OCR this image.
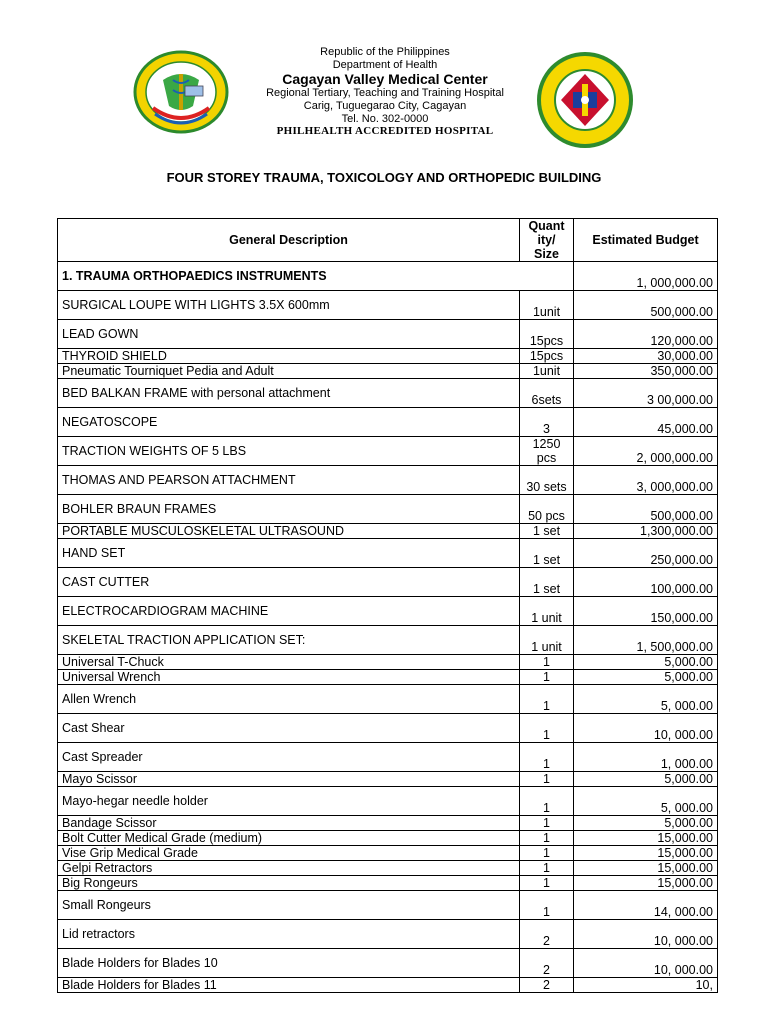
Republic of the Philippines
Department of Health
Cagayan Valley Medical Center
Regional Tertiary, Teaching and Training Hospital
Carig, Tuguegarao City, Cagayan
Tel. No. 302-0000
PHILHEALTH ACCREDITED HOSPITAL
FOUR STOREY TRAUMA, TOXICOLOGY AND ORTHOPEDIC BUILDING
General Description	Quant ity/ Size	Estimated Budget
1. TRAUMA ORTHOPAEDICS INSTRUMENTS		1, 000,000.00
SURGICAL LOUPE WITH LIGHTS 3.5X 600mm	1unit	500,000.00
LEAD GOWN	15pcs	120,000.00
THYROID SHIELD	15pcs	30,000.00
Pneumatic Tourniquet Pedia and Adult	1unit	350,000.00
BED BALKAN FRAME with personal attachment	6sets	3 00,000.00
NEGATOSCOPE	3	45,000.00
TRACTION WEIGHTS OF 5 LBS	1250 pcs	2, 000,000.00
THOMAS AND PEARSON ATTACHMENT	30 sets	3, 000,000.00
BOHLER BRAUN FRAMES	50 pcs	500,000.00
PORTABLE MUSCULOSKELETAL ULTRASOUND	1 set	1,300,000.00
HAND SET	1 set	250,000.00
CAST CUTTER	1 set	100,000.00
ELECTROCARDIOGRAM MACHINE	1 unit	150,000.00
SKELETAL TRACTION APPLICATION SET:	1 unit	1, 500,000.00
Universal T-Chuck	1	5,000.00
Universal Wrench	1	5,000.00
Allen Wrench	1	5, 000.00
Cast Shear	1	10, 000.00
Cast Spreader	1	1, 000.00
Mayo Scissor	1	5,000.00
Mayo-hegar needle holder	1	5, 000.00
Bandage Scissor	1	5,000.00
Bolt Cutter Medical Grade (medium)	1	15,000.00
Vise Grip Medical Grade	1	15,000.00
Gelpi Retractors	1	15,000.00
Big Rongeurs	1	15,000.00
Small Rongeurs	1	14, 000.00
Lid retractors	2	10, 000.00
Blade Holders for Blades 10	2	10, 000.00
Blade Holders for Blades 11	2	10,
